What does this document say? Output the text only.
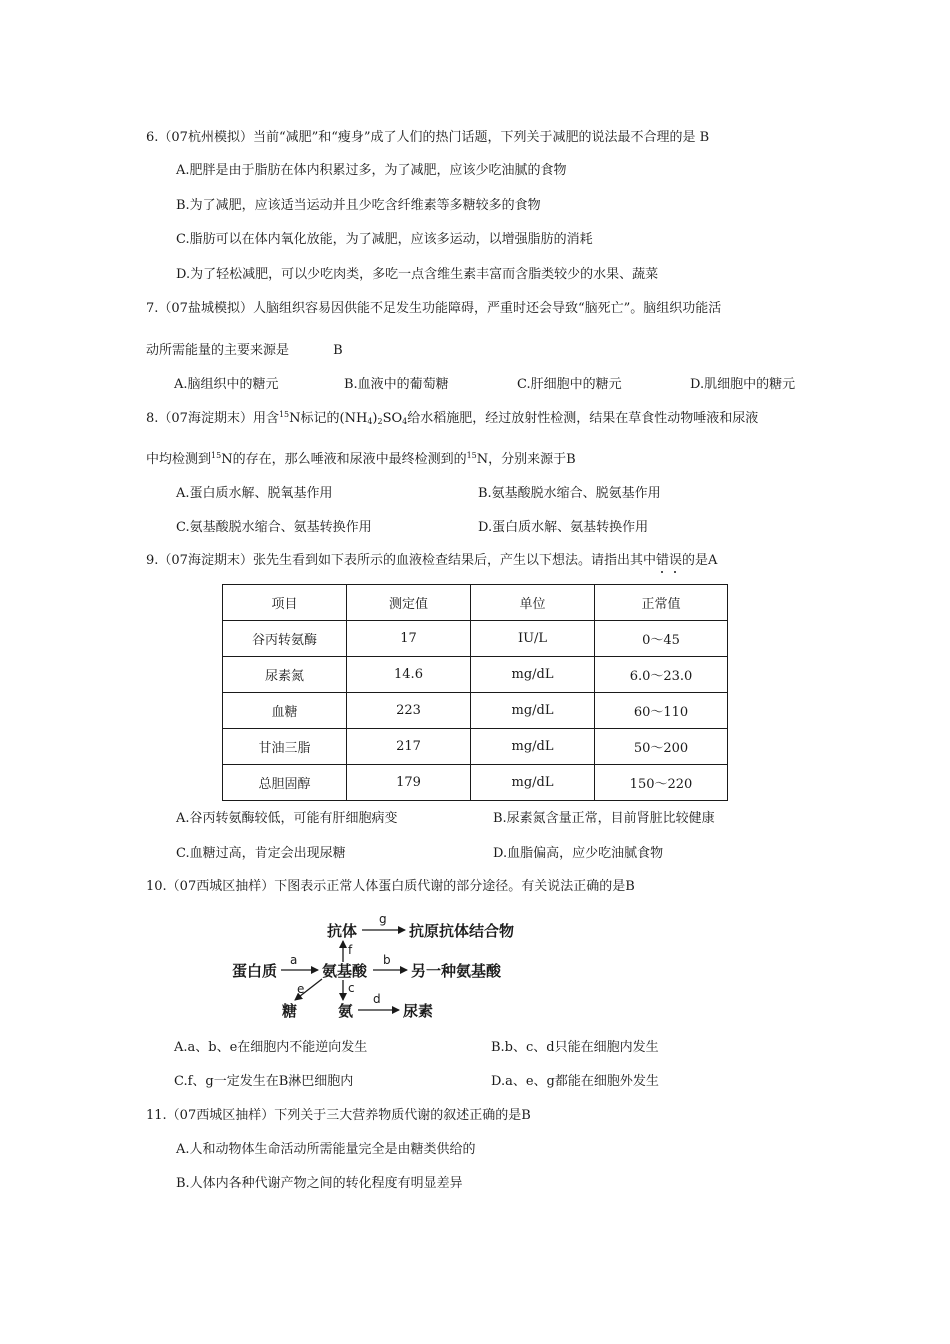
6.（07杭州模拟）当前“减肥”和“瘦身”成了人们的热门话题，下列关于减肥的说法最不合理的是 B
A.肥胖是由于脂肪在体内积累过多，为了减肥，应该少吃油腻的食物
B.为了减肥，应该适当运动并且少吃含纤维素等多糖较多的食物
C.脂肪可以在体内氧化放能，为了减肥，应该多运动，以增强脂肪的消耗
D.为了轻松减肥，可以少吃肉类，多吃一点含维生素丰富而含脂类较少的水果、蔬菜
7.（07盐城模拟）人脑组织容易因供能不足发生功能障碍，严重时还会导致“脑死亡”。脑组织功能活
动所需能量的主要来源是	B
A.脑组织中的糖元	B.血液中的葡萄糖	C.肝细胞中的糖元	D.肌细胞中的糖元
8.（07海淀期末）用含$^{15}$N标记的$(NH_4)_2SO_4$给水稻施肥，经过放射性检测，结果在草食性动物唾液和尿液
中均检测到$^{15}$N的存在，那么唾液和尿液中最终检测到的$^{15}$N，分别来源于B
A.蛋白质水解、脱氧基作用	B.氨基酸脱水缩合、脱氨基作用
C.氨基酸脱水缩合、氨基转换作用	D.蛋白质水解、氨基转换作用
9.（07海淀期末）张先生看到如下表所示的血液检查结果后，产生以下想法。请指出其中错误的是A
项目	测定值	单位	正常值
谷丙转氨酶	17	IU/L	0～45
尿素氮	14.6	mg/dL	6.0～23.0
血糖	223	mg/dL	60～110
甘油三脂	217	mg/dL	50～200
总胆固醇	179	mg/dL	150～220
A.谷丙转氨酶较低，可能有肝细胞病变	B.尿素氮含量正常，目前肾脏比较健康
C.血糖过高，肯定会出现尿糖	D.血脂偏高，应少吃油腻食物
10.（07西城区抽样）下图表示正常人体蛋白质代谢的部分途径。有关说法正确的是B
抗体	抗原抗体结合物
蛋白质	氨基酸	另一种氨基酸
糖	氨	尿素
g
f
a	b
e	c
d
A.a、b、e在细胞内不能逆向发生	B.b、c、d只能在细胞内发生
C.f、g一定发生在B淋巴细胞内	D.a、e、g都能在细胞外发生
11.（07西城区抽样）下列关于三大营养物质代谢的叙述正确的是B
A.人和动物体生命活动所需能量完全是由糖类供给的
B.人体内各种代谢产物之间的转化程度有明显差异
